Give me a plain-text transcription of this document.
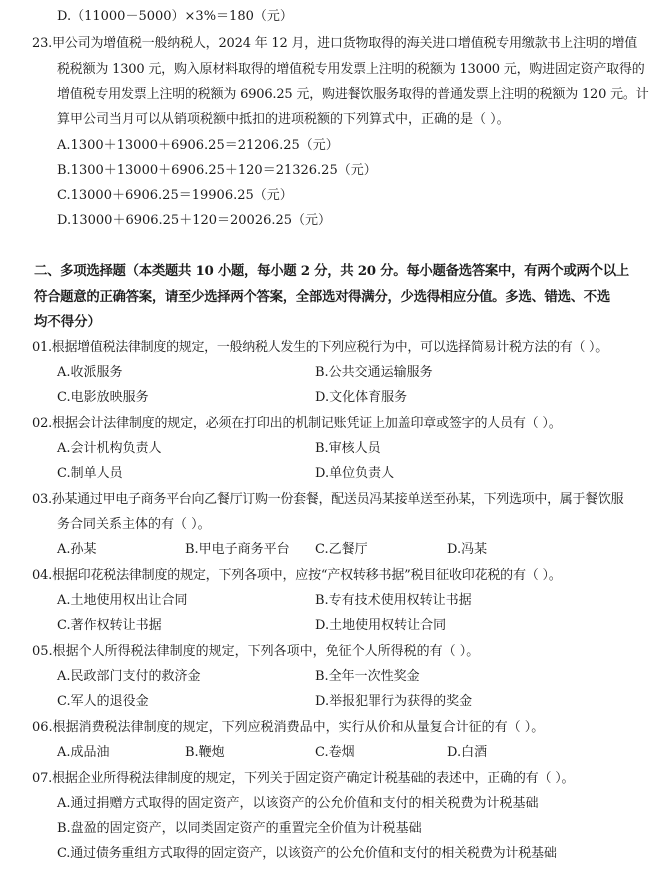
D.（11000－5000）×3%＝180（元）
23.甲公司为增值税一般纳税人，2024 年 12 月，进口货物取得的海关进口增值税专用缴款书上注明的增值
税税额为 1300 元，购入原材料取得的增值税专用发票上注明的税额为 13000 元，购进固定资产取得的
增值税专用发票上注明的税额为 6906.25 元，购进餐饮服务取得的普通发票上注明的税额为 120 元。计
算甲公司当月可以从销项税额中抵扣的进项税额的下列算式中，正确的是（ ）。
A.1300＋13000＋6906.25＝21206.25（元）
B.1300＋13000＋6906.25＋120＝21326.25（元）
C.13000＋6906.25＝19906.25（元）
D.13000＋6906.25＋120＝20026.25（元）
二、多项选择题（本类题共 10 小题，每小题 2 分，共 20 分。每小题备选答案中，有两个或两个以上
符合题意的正确答案，请至少选择两个答案，全部选对得满分，少选得相应分值。多选、错选、不选
均不得分）
01.根据增值税法律制度的规定，一般纳税人发生的下列应税行为中，可以选择简易计税方法的有（ ）。
A.收派服务	B.公共交通运输服务
C.电影放映服务	D.文化体育服务
02.根据会计法律制度的规定，必须在打印出的机制记账凭证上加盖印章或签字的人员有（ ）。
A.会计机构负责人	B.审核人员
C.制单人员	D.单位负责人
03.孙某通过甲电子商务平台向乙餐厅订购一份套餐，配送员冯某接单送至孙某，下列选项中，属于餐饮服
务合同关系主体的有（ ）。
A.孙某	B.甲电子商务平台 C.乙餐厅	D.冯某
04.根据印花税法律制度的规定，下列各项中，应按“产权转移书据”税目征收印花税的有（ ）。
A.土地使用权出让合同	B.专有技术使用权转让书据
C.著作权转让书据	D.土地使用权转让合同
05.根据个人所得税法律制度的规定，下列各项中，免征个人所得税的有（ ）。
A.民政部门支付的救济金	B.全年一次性奖金
C.军人的退役金	D.举报犯罪行为获得的奖金
06.根据消费税法律制度的规定，下列应税消费品中，实行从价和从量复合计征的有（ ）。
A.成品油	B.鞭炮	C.卷烟	D.白酒
07.根据企业所得税法律制度的规定，下列关于固定资产确定计税基础的表述中，正确的有（ ）。
A.通过捐赠方式取得的固定资产，以该资产的公允价值和支付的相关税费为计税基础
B.盘盈的固定资产，以同类固定资产的重置完全价值为计税基础
C.通过债务重组方式取得的固定资产，以该资产的公允价值和支付的相关税费为计税基础
